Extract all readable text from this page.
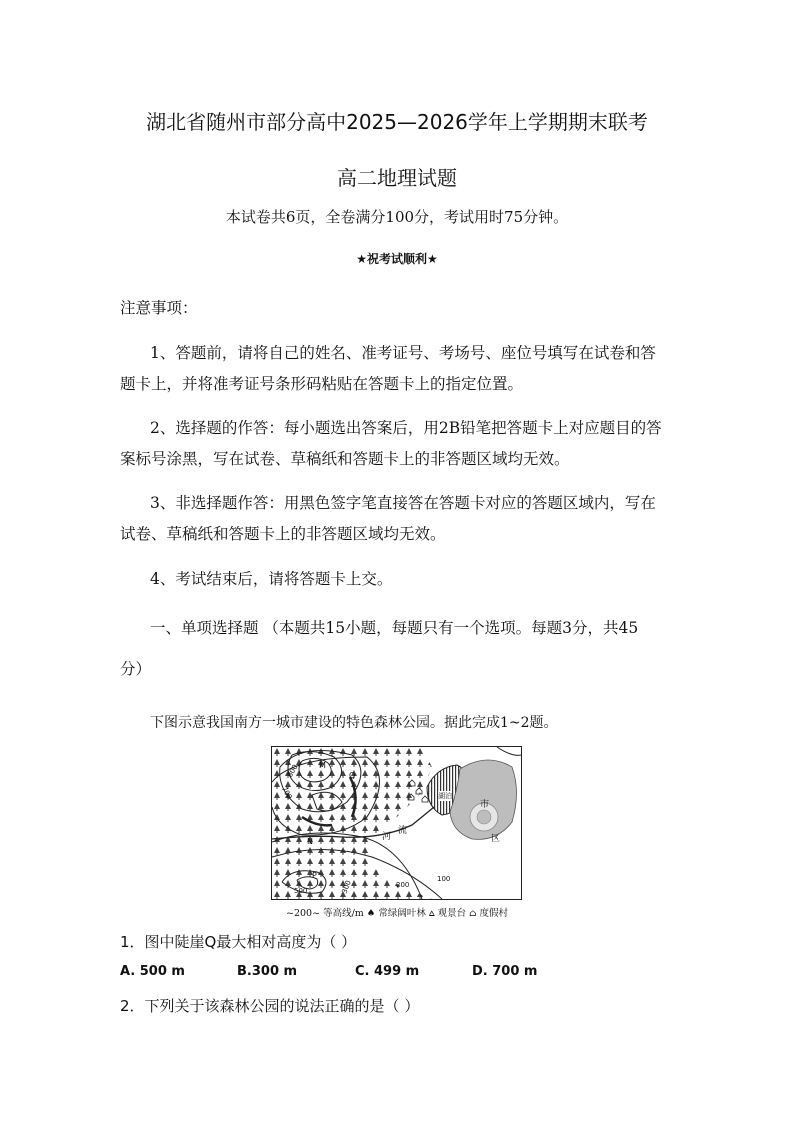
湖北省随州市部分高中2025—2026学年上学期期末联考
高二地理试题
本试卷共6页，全卷满分100分，考试用时75分钟。
★祝考试顺利★
注意事项：
1、答题前，请将自己的姓名、准考证号、考场号、座位号填写在试卷和答
题卡上，并将准考证号条形码粘贴在答题卡上的指定位置。
2、选择题的作答：每小题选出答案后，用2B铅笔把答题卡上对应题目的答
案标号涂黑，写在试卷、草稿纸和答题卡上的非答题区域均无效。
3、非选择题作答：用黑色签字笔直接答在答题卡对应的答题区域内，写在
试卷、草稿纸和答题卡上的非答题区域均无效。
4、考试结束后，请将答题卡上交。
一、单项选择题 （本题共15小题，每题只有一个选项。每题3分，共45
分）
下图示意我国南方一城市建设的特色森林公园。据此完成1~2题。
M
Q
N
P
河
流
湖泊
市
区
800
700
500	300	200
100
~200~ 等高线/m ♠ 常绿阔叶林 ⩟ 观景台 ⌂ 度假村
1．图中陡崖Q最大相对高度为（ ）
A. 500 m	B.300 m	C. 499 m	D. 700 m
2．下列关于该森林公园的说法正确的是（ ）
